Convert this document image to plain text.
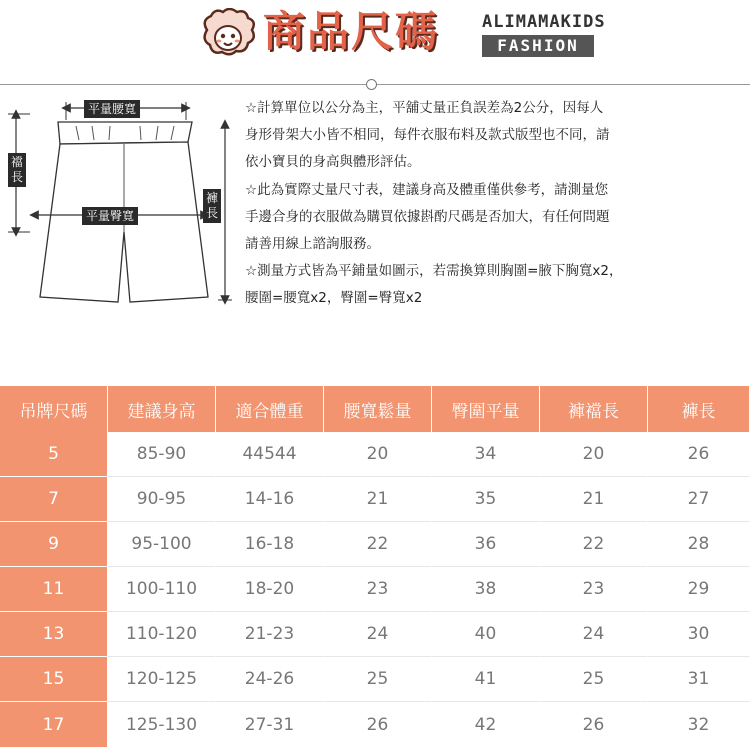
商品尺碼	ALIMAMAKIDS
FASHION
平量腰寬
平量臀寬
襠長
褲長
☆計算單位以公分為主，平舖丈量正負誤差為2公分，因每人
身形骨架大小皆不相同，每件衣服布料及款式版型也不同，請
依小寶貝的身高與體形評估。
☆此為實際丈量尺寸表，建議身高及體重僅供參考，請測量您
手邊合身的衣服做為購買依據斟酌尺碼是否加大，有任何問題
請善用線上諮詢服務。
☆測量方式皆為平鋪量如圖示，若需換算則胸圍=腋下胸寬x2，
腰圍=腰寬x2，臀圍=臀寬x2
吊牌尺碼	建議身高	適合體重	腰寬鬆量	臀圍平量	褲襠長	褲長
5	85-90	44544	20	34	20	26
7	90-95	14-16	21	35	21	27
9	95-100	16-18	22	36	22	28
11	100-110	18-20	23	38	23	29
13	110-120	21-23	24	40	24	30
15	120-125	24-26	25	41	25	31
17	125-130	27-31	26	42	26	32
